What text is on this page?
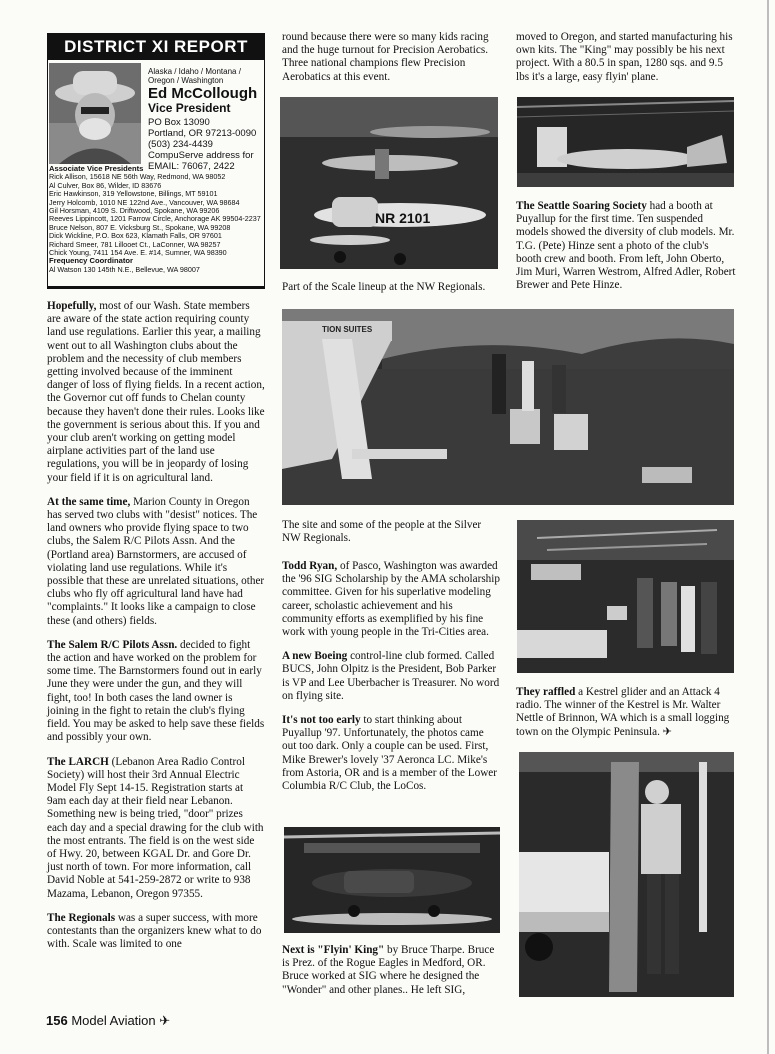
DISTRICT XI REPORT
Alaska / Idaho / Montana / Oregon / Washington
Ed McCollough
Vice President
PO Box 13090
Portland, OR 97213-0090
(503) 234-4439
CompuServe address for
EMAIL: 76067, 2422
Associate Vice Presidents
Rick Allison, 15618 NE 56th Way, Redmond, WA 98052
Al Culver, Box 86, Wilder, ID 83676
Eric Hawkinson, 319 Yellowstone, Billings, MT 59101
Jerry Holcomb, 1010 NE 122nd Ave., Vancouver, WA 98684
Gil Horsman, 4109 S. Driftwood, Spokane, WA 99206
Reeves Lippincott, 1201 Farrow Circle, Anchorage AK 99504-2237
Bruce Nelson, 807 E. Vicksburg St., Spokane, WA 99208
Dick Wickline, P.O. Box 623, Klamath Falls, OR 97601
Richard Smeer, 781 Lillooet Ct., LaConner, WA 98257
Chick Young, 7411 154 Ave. E. #14, Sumner, WA 98390
Frequency Coordinator
Al Watson 130 145th N.E., Bellevue, WA 98007

Hopefully, most of our Wash. State members are aware of the state action requiring county land use regulations. Earlier this year, a mailing went out to all Washington clubs about the problem and the necessity of club members getting involved because of the imminent danger of loss of flying fields. In a recent action, the Governor cut off funds to Chelan county because they haven't done their rules. Looks like the government is serious about this. If you and your club aren't working on getting model airplane activities part of the land use regulations, you will be in jeopardy of losing your field if it is on agricultural land.

At the same time, Marion County in Oregon has served two clubs with "desist" notices. The land owners who provide flying space to two clubs, the Salem R/C Pilots Assn. And the (Portland area) Barnstormers, are accused of violating land use regulations. While it's possible that these are unrelated situations, other clubs who fly off agricultural land have had "complaints." It looks like a campaign to close these (and others) fields.

The Salem R/C Pilots Assn. decided to fight the action and have worked on the problem for some time. The Barnstormers found out in early June they were under the gun, and they will fight, too! In both cases the land owner is joining in the fight to retain the club's flying field. You may be asked to help save these fields and possibly your own.

The LARCH (Lebanon Area Radio Control Society) will host their 3rd Annual Electric Model Fly Sept 14-15. Registration starts at 9am each day at their field near Lebanon. Something new is being tried, "door" prizes each day and a special drawing for the club with the most entrants. The field is on the west side of Hwy. 20, between KGAL Dr. and Gore Dr. just north of town. For more information, call David Noble at 541-259-2872 or write to 938 Mazama, Lebanon, Oregon 97355.

The Regionals was a super success, with more contestants than the organizers knew what to do with. Scale was limited to one

round because there were so many kids racing and the huge turnout for Precision Aerobatics. Three national champions flew Precision Aerobatics at this event.

NR 2101
Part of the Scale lineup at the NW Regionals.

moved to Oregon, and started manufacturing his own kits. The "King" may possibly be his next project. With a 80.5 in span, 1280 sqs. and 9.5 lbs it's a large, easy flyin' plane.

The Seattle Soaring Society had a booth at Puyallup for the first time. Ten suspended models showed the diversity of club models. Mr. T.G. (Pete) Hinze sent a photo of the club's booth crew and booth. From left, John Oberto, Jim Muri, Warren Westrom, Alfred Adler, Robert Brewer and Pete Hinze.

TION SUITES
The site and some of the people at the Silver NW Regionals.

Todd Ryan, of Pasco, Washington was awarded the '96 SIG Scholarship by the AMA scholarship committee. Given for his superlative modeling career, scholastic achievement and his community efforts as exemplified by his fine work with young people in the Tri-Cities area.

A new Boeing control-line club formed. Called BUCS, John Olpitz is the President, Bob Parker is VP and Lee Uberbacher is Treasurer. No word on flying site.

It's not too early to start thinking about Puyallup '97. Unfortunately, the photos came out too dark. Only a couple can be used. First, Mike Brewer's lovely '37 Aeronca LC. Mike's from Astoria, OR and is a member of the Lower Columbia R/C Club, the LoCos.

They raffled a Kestrel glider and an Attack 4 radio. The winner of the Kestrel is Mr. Walter Nettle of Brinnon, WA which is a small logging town on the Olympic Peninsula. ✈

Next is "Flyin' King" by Bruce Tharpe. Bruce is Prez. of the Rogue Eagles in Medford, OR. Bruce worked at SIG where he designed the "Wonder" and other planes.. He left SIG,

156 Model Aviation ✈
